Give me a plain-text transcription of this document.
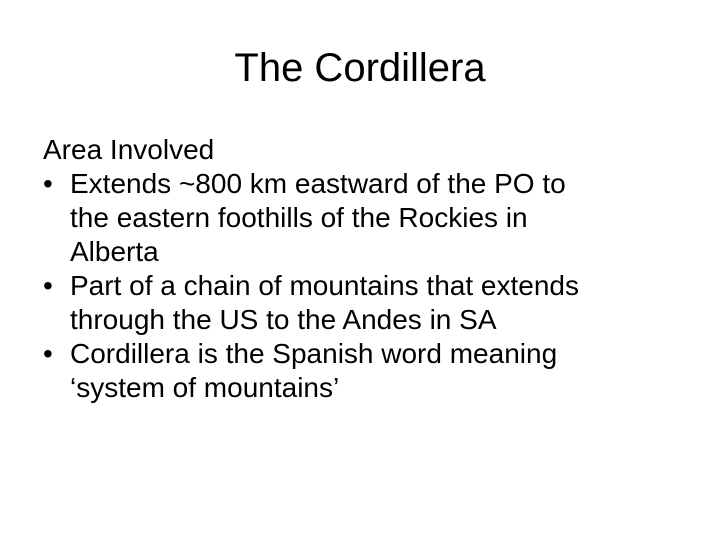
The Cordillera
Area Involved
• Extends ~800 km eastward of the PO to
the eastern foothills of the Rockies in
Alberta
• Part of a chain of mountains that extends
through the US to the Andes in SA
• Cordillera is the Spanish word meaning
‘system of mountains’
